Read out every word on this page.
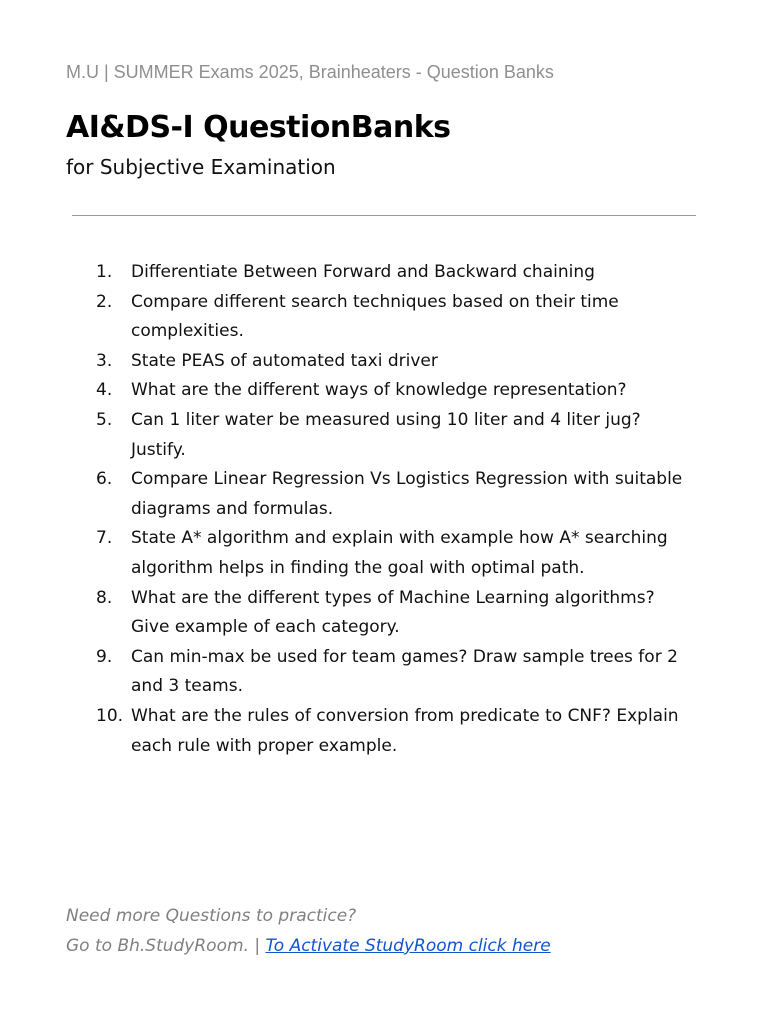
M.U | SUMMER Exams 2025, Brainheaters - Question Banks
AI&DS-I QuestionBanks
for Subjective Examination
1. Differentiate Between Forward and Backward chaining
2. Compare different search techniques based on their time complexities.
3. State PEAS of automated taxi driver
4. What are the different ways of knowledge representation?
5. Can 1 liter water be measured using 10 liter and 4 liter jug? Justify.
6. Compare Linear Regression Vs Logistics Regression with suitable diagrams and formulas.
7. State A* algorithm and explain with example how A* searching algorithm helps in finding the goal with optimal path.
8. What are the different types of Machine Learning algorithms? Give example of each category.
9. Can min-max be used for team games? Draw sample trees for 2 and 3 teams.
10. What are the rules of conversion from predicate to CNF? Explain each rule with proper example.
Need more Questions to practice?
Go to Bh.StudyRoom. | To Activate StudyRoom click here
